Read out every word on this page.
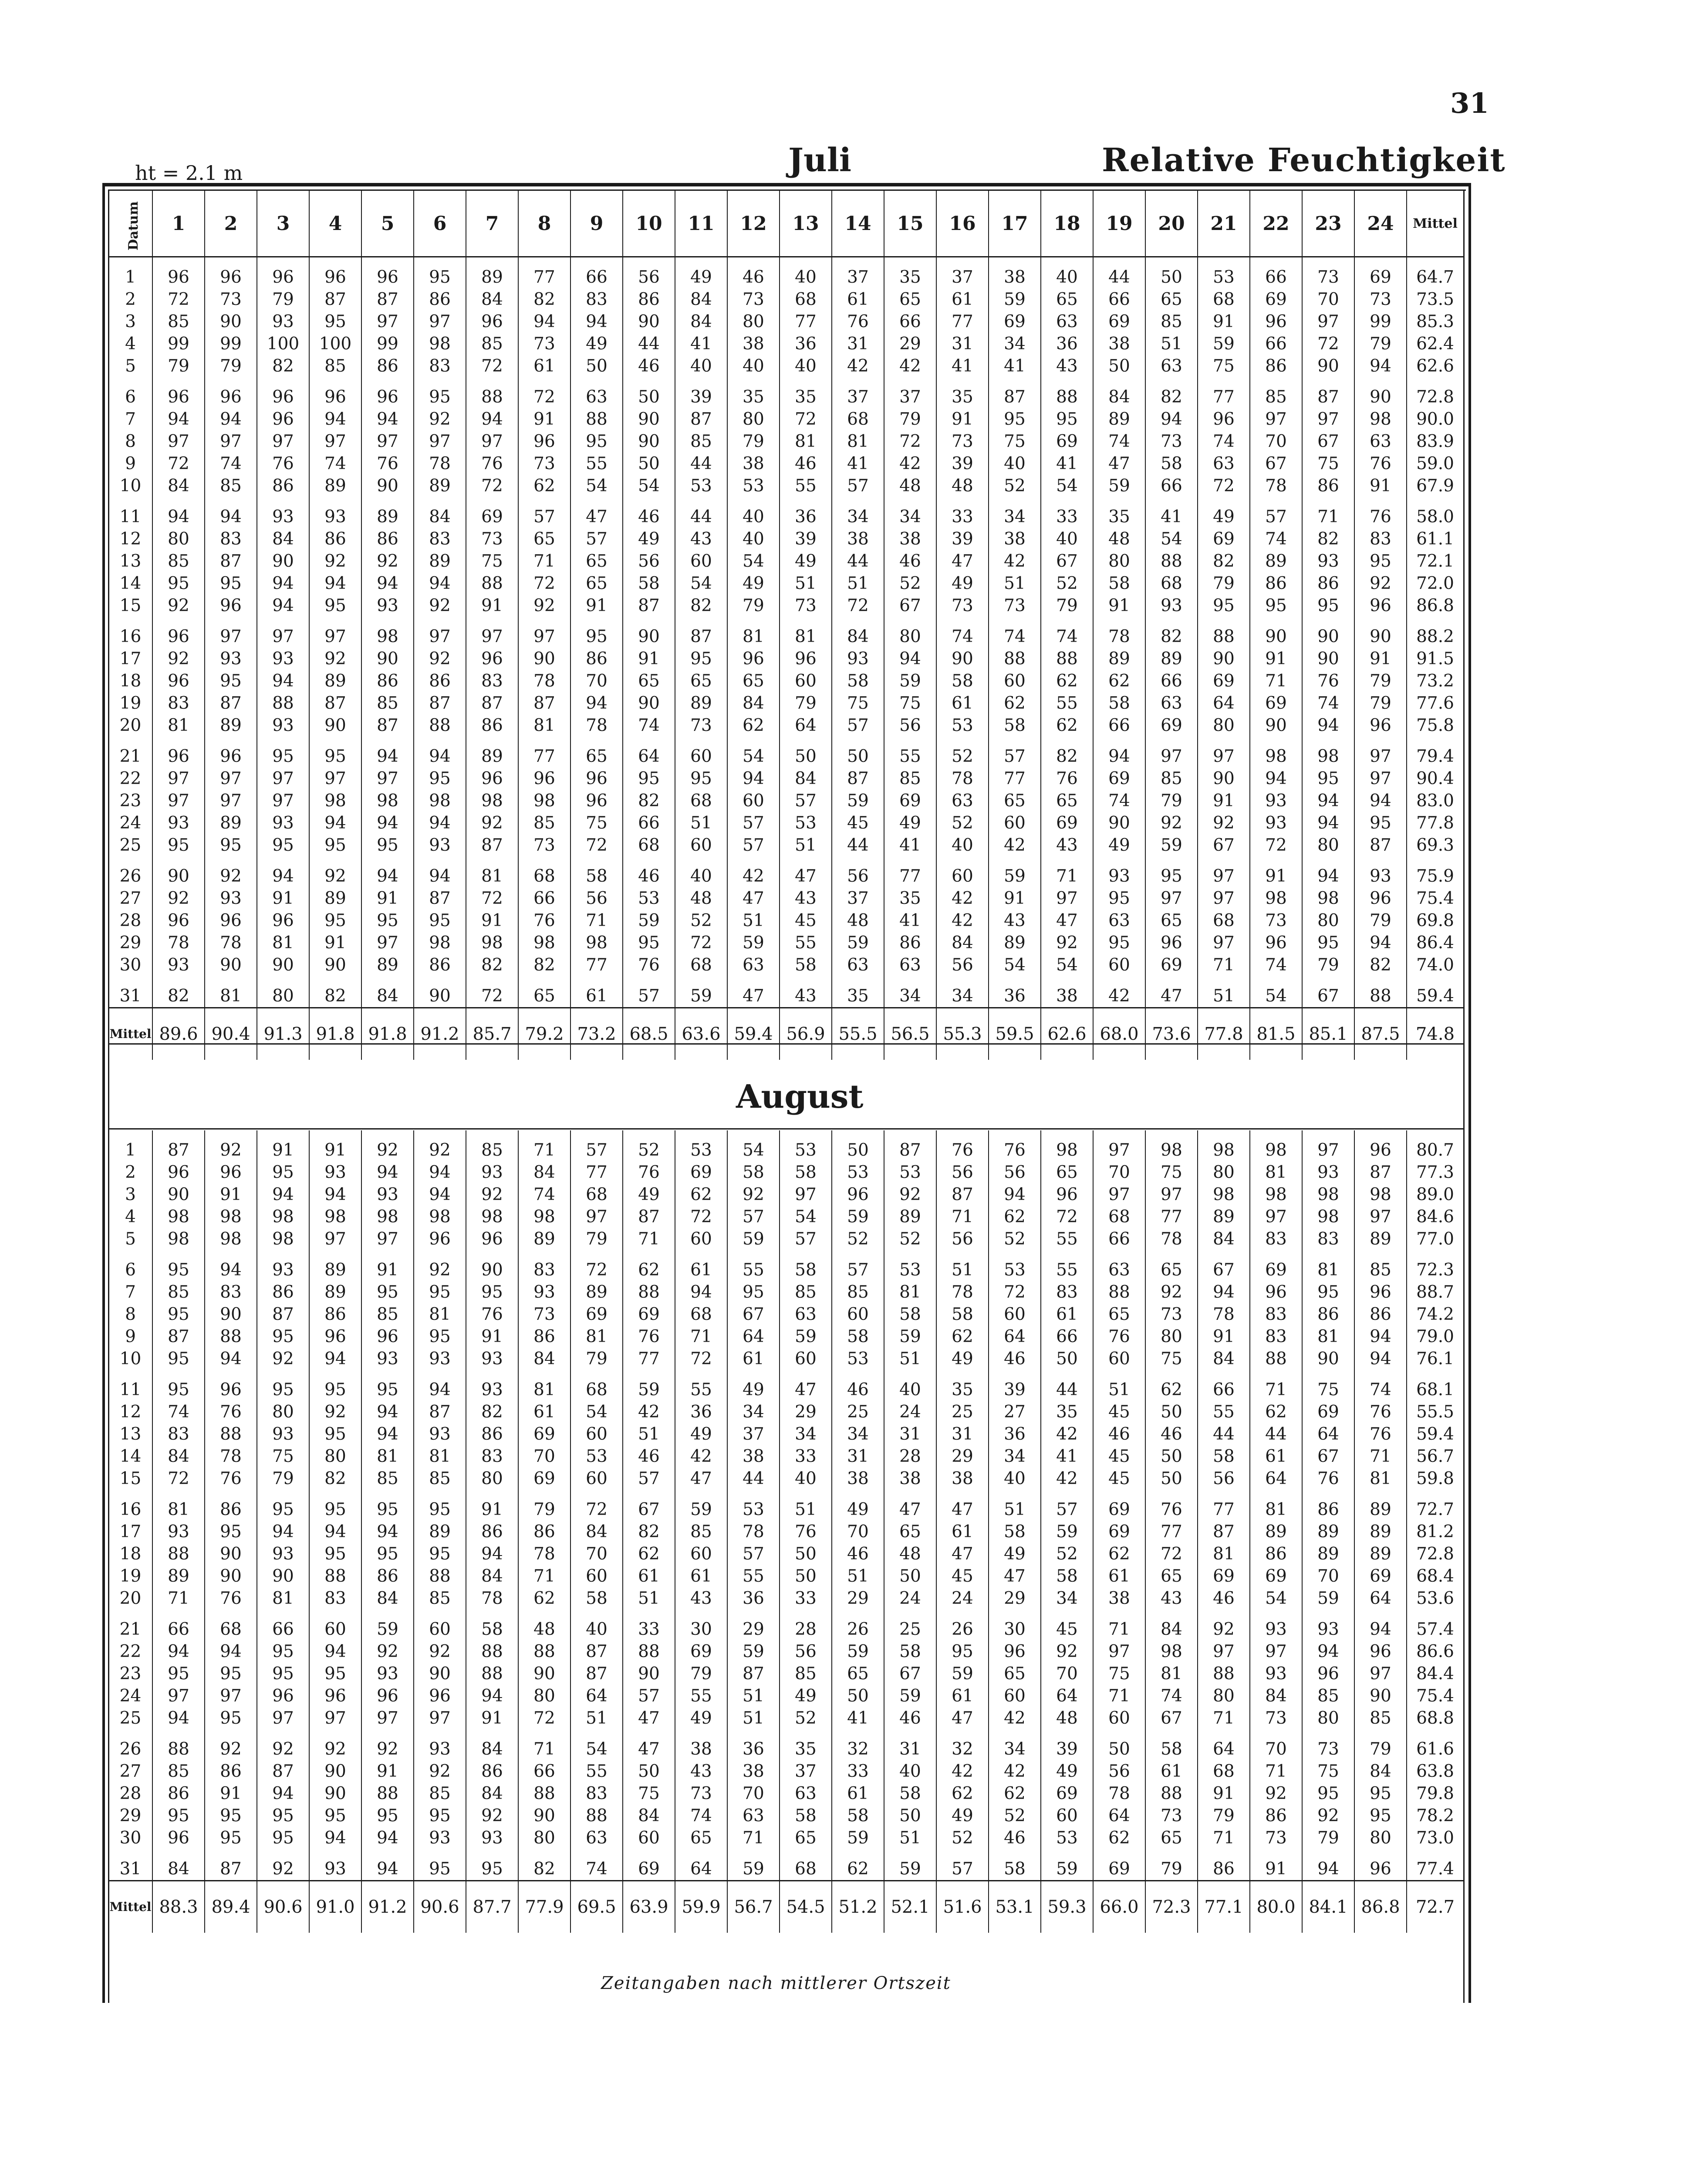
31
ht = 2.1 m	Juli	Relative Feuchtigkeit
Datum	1	2	3	4	5	6	7	8	9	10	11	12	13	14	15	16	17	18	19	20	21	22	23	24	Mittel
1	96	96	96	96	96	95	89	77	66	56	49	46	40	37	35	37	38	40	44	50	53	66	73	69	64.7
2	72	73	79	87	87	86	84	82	83	86	84	73	68	61	65	61	59	65	66	65	68	69	70	73	73.5
3	85	90	93	95	97	97	96	94	94	90	84	80	77	76	66	77	69	63	69	85	91	96	97	99	85.3
4	99	99	100	100	99	98	85	73	49	44	41	38	36	31	29	31	34	36	38	51	59	66	72	79	62.4
5	79	79	82	85	86	83	72	61	50	46	40	40	40	42	42	41	41	43	50	63	75	86	90	94	62.6
6	96	96	96	96	96	95	88	72	63	50	39	35	35	37	37	35	87	88	84	82	77	85	87	90	72.8
7	94	94	96	94	94	92	94	91	88	90	87	80	72	68	79	91	95	95	89	94	96	97	97	98	90.0
8	97	97	97	97	97	97	97	96	95	90	85	79	81	81	72	73	75	69	74	73	74	70	67	63	83.9
9	72	74	76	74	76	78	76	73	55	50	44	38	46	41	42	39	40	41	47	58	63	67	75	76	59.0
10	84	85	86	89	90	89	72	62	54	54	53	53	55	57	48	48	52	54	59	66	72	78	86	91	67.9
11	94	94	93	93	89	84	69	57	47	46	44	40	36	34	34	33	34	33	35	41	49	57	71	76	58.0
12	80	83	84	86	86	83	73	65	57	49	43	40	39	38	38	39	38	40	48	54	69	74	82	83	61.1
13	85	87	90	92	92	89	75	71	65	56	60	54	49	44	46	47	42	67	80	88	82	89	93	95	72.1
14	95	95	94	94	94	94	88	72	65	58	54	49	51	51	52	49	51	52	58	68	79	86	86	92	72.0
15	92	96	94	95	93	92	91	92	91	87	82	79	73	72	67	73	73	79	91	93	95	95	95	96	86.8
16	96	97	97	97	98	97	97	97	95	90	87	81	81	84	80	74	74	74	78	82	88	90	90	90	88.2
17	92	93	93	92	90	92	96	90	86	91	95	96	96	93	94	90	88	88	89	89	90	91	90	91	91.5
18	96	95	94	89	86	86	83	78	70	65	65	65	60	58	59	58	60	62	62	66	69	71	76	79	73.2
19	83	87	88	87	85	87	87	87	94	90	89	84	79	75	75	61	62	55	58	63	64	69	74	79	77.6
20	81	89	93	90	87	88	86	81	78	74	73	62	64	57	56	53	58	62	66	69	80	90	94	96	75.8
21	96	96	95	95	94	94	89	77	65	64	60	54	50	50	55	52	57	82	94	97	97	98	98	97	79.4
22	97	97	97	97	97	95	96	96	96	95	95	94	84	87	85	78	77	76	69	85	90	94	95	97	90.4
23	97	97	97	98	98	98	98	98	96	82	68	60	57	59	69	63	65	65	74	79	91	93	94	94	83.0
24	93	89	93	94	94	94	92	85	75	66	51	57	53	45	49	52	60	69	90	92	92	93	94	95	77.8
25	95	95	95	95	95	93	87	73	72	68	60	57	51	44	41	40	42	43	49	59	67	72	80	87	69.3
26	90	92	94	92	94	94	81	68	58	46	40	42	47	56	77	60	59	71	93	95	97	91	94	93	75.9
27	92	93	91	89	91	87	72	66	56	53	48	47	43	37	35	42	91	97	95	97	97	98	98	96	75.4
28	96	96	96	95	95	95	91	76	71	59	52	51	45	48	41	42	43	47	63	65	68	73	80	79	69.8
29	78	78	81	91	97	98	98	98	98	95	72	59	55	59	86	84	89	92	95	96	97	96	95	94	86.4
30	93	90	90	90	89	86	82	82	77	76	68	63	58	63	63	56	54	54	60	69	71	74	79	82	74.0
31	82	81	80	82	84	90	72	65	61	57	59	47	43	35	34	34	36	38	42	47	51	54	67	88	59.4
Mittel	89.6	90.4	91.3	91.8	91.8	91.2	85.7	79.2	73.2	68.5	63.6	59.4	56.9	55.5	56.5	55.3	59.5	62.6	68.0	73.6	77.8	81.5	85.1	87.5	74.8
August
1	87	92	91	91	92	92	85	71	57	52	53	54	53	50	87	76	76	98	97	98	98	98	97	96	80.7
2	96	96	95	93	94	94	93	84	77	76	69	58	58	53	53	56	56	65	70	75	80	81	93	87	77.3
3	90	91	94	94	93	94	92	74	68	49	62	92	97	96	92	87	94	96	97	97	98	98	98	98	89.0
4	98	98	98	98	98	98	98	98	97	87	72	57	54	59	89	71	62	72	68	77	89	97	98	97	84.6
5	98	98	98	97	97	96	96	89	79	71	60	59	57	52	52	56	52	55	66	78	84	83	83	89	77.0
6	95	94	93	89	91	92	90	83	72	62	61	55	58	57	53	51	53	55	63	65	67	69	81	85	72.3
7	85	83	86	89	95	95	95	93	89	88	94	95	85	85	81	78	72	83	88	92	94	96	95	96	88.7
8	95	90	87	86	85	81	76	73	69	69	68	67	63	60	58	58	60	61	65	73	78	83	86	86	74.2
9	87	88	95	96	96	95	91	86	81	76	71	64	59	58	59	62	64	66	76	80	91	83	81	94	79.0
10	95	94	92	94	93	93	93	84	79	77	72	61	60	53	51	49	46	50	60	75	84	88	90	94	76.1
11	95	96	95	95	95	94	93	81	68	59	55	49	47	46	40	35	39	44	51	62	66	71	75	74	68.1
12	74	76	80	92	94	87	82	61	54	42	36	34	29	25	24	25	27	35	45	50	55	62	69	76	55.5
13	83	88	93	95	94	93	86	69	60	51	49	37	34	34	31	31	36	42	46	46	44	44	64	76	59.4
14	84	78	75	80	81	81	83	70	53	46	42	38	33	31	28	29	34	41	45	50	58	61	67	71	56.7
15	72	76	79	82	85	85	80	69	60	57	47	44	40	38	38	38	40	42	45	50	56	64	76	81	59.8
16	81	86	95	95	95	95	91	79	72	67	59	53	51	49	47	47	51	57	69	76	77	81	86	89	72.7
17	93	95	94	94	94	89	86	86	84	82	85	78	76	70	65	61	58	59	69	77	87	89	89	89	81.2
18	88	90	93	95	95	95	94	78	70	62	60	57	50	46	48	47	49	52	62	72	81	86	89	89	72.8
19	89	90	90	88	86	88	84	71	60	61	61	55	50	51	50	45	47	58	61	65	69	69	70	69	68.4
20	71	76	81	83	84	85	78	62	58	51	43	36	33	29	24	24	29	34	38	43	46	54	59	64	53.6
21	66	68	66	60	59	60	58	48	40	33	30	29	28	26	25	26	30	45	71	84	92	93	93	94	57.4
22	94	94	95	94	92	92	88	88	87	88	69	59	56	59	58	95	96	92	97	98	97	97	94	96	86.6
23	95	95	95	95	93	90	88	90	87	90	79	87	85	65	67	59	65	70	75	81	88	93	96	97	84.4
24	97	97	96	96	96	96	94	80	64	57	55	51	49	50	59	61	60	64	71	74	80	84	85	90	75.4
25	94	95	97	97	97	97	91	72	51	47	49	51	52	41	46	47	42	48	60	67	71	73	80	85	68.8
26	88	92	92	92	92	93	84	71	54	47	38	36	35	32	31	32	34	39	50	58	64	70	73	79	61.6
27	85	86	87	90	91	92	86	66	55	50	43	38	37	33	40	42	42	49	56	61	68	71	75	84	63.8
28	86	91	94	90	88	85	84	88	83	75	73	70	63	61	58	62	62	69	78	88	91	92	95	95	79.8
29	95	95	95	95	95	95	92	90	88	84	74	63	58	58	50	49	52	60	64	73	79	86	92	95	78.2
30	96	95	95	94	94	93	93	80	63	60	65	71	65	59	51	52	46	53	62	65	71	73	79	80	73.0
31	84	87	92	93	94	95	95	82	74	69	64	59	68	62	59	57	58	59	69	79	86	91	94	96	77.4
Mittel	88.3	89.4	90.6	91.0	91.2	90.6	87.7	77.9	69.5	63.9	59.9	56.7	54.5	51.2	52.1	51.6	53.1	59.3	66.0	72.3	77.1	80.0	84.1	86.8	72.7
Zeitangaben nach mittlerer Ortszeit
